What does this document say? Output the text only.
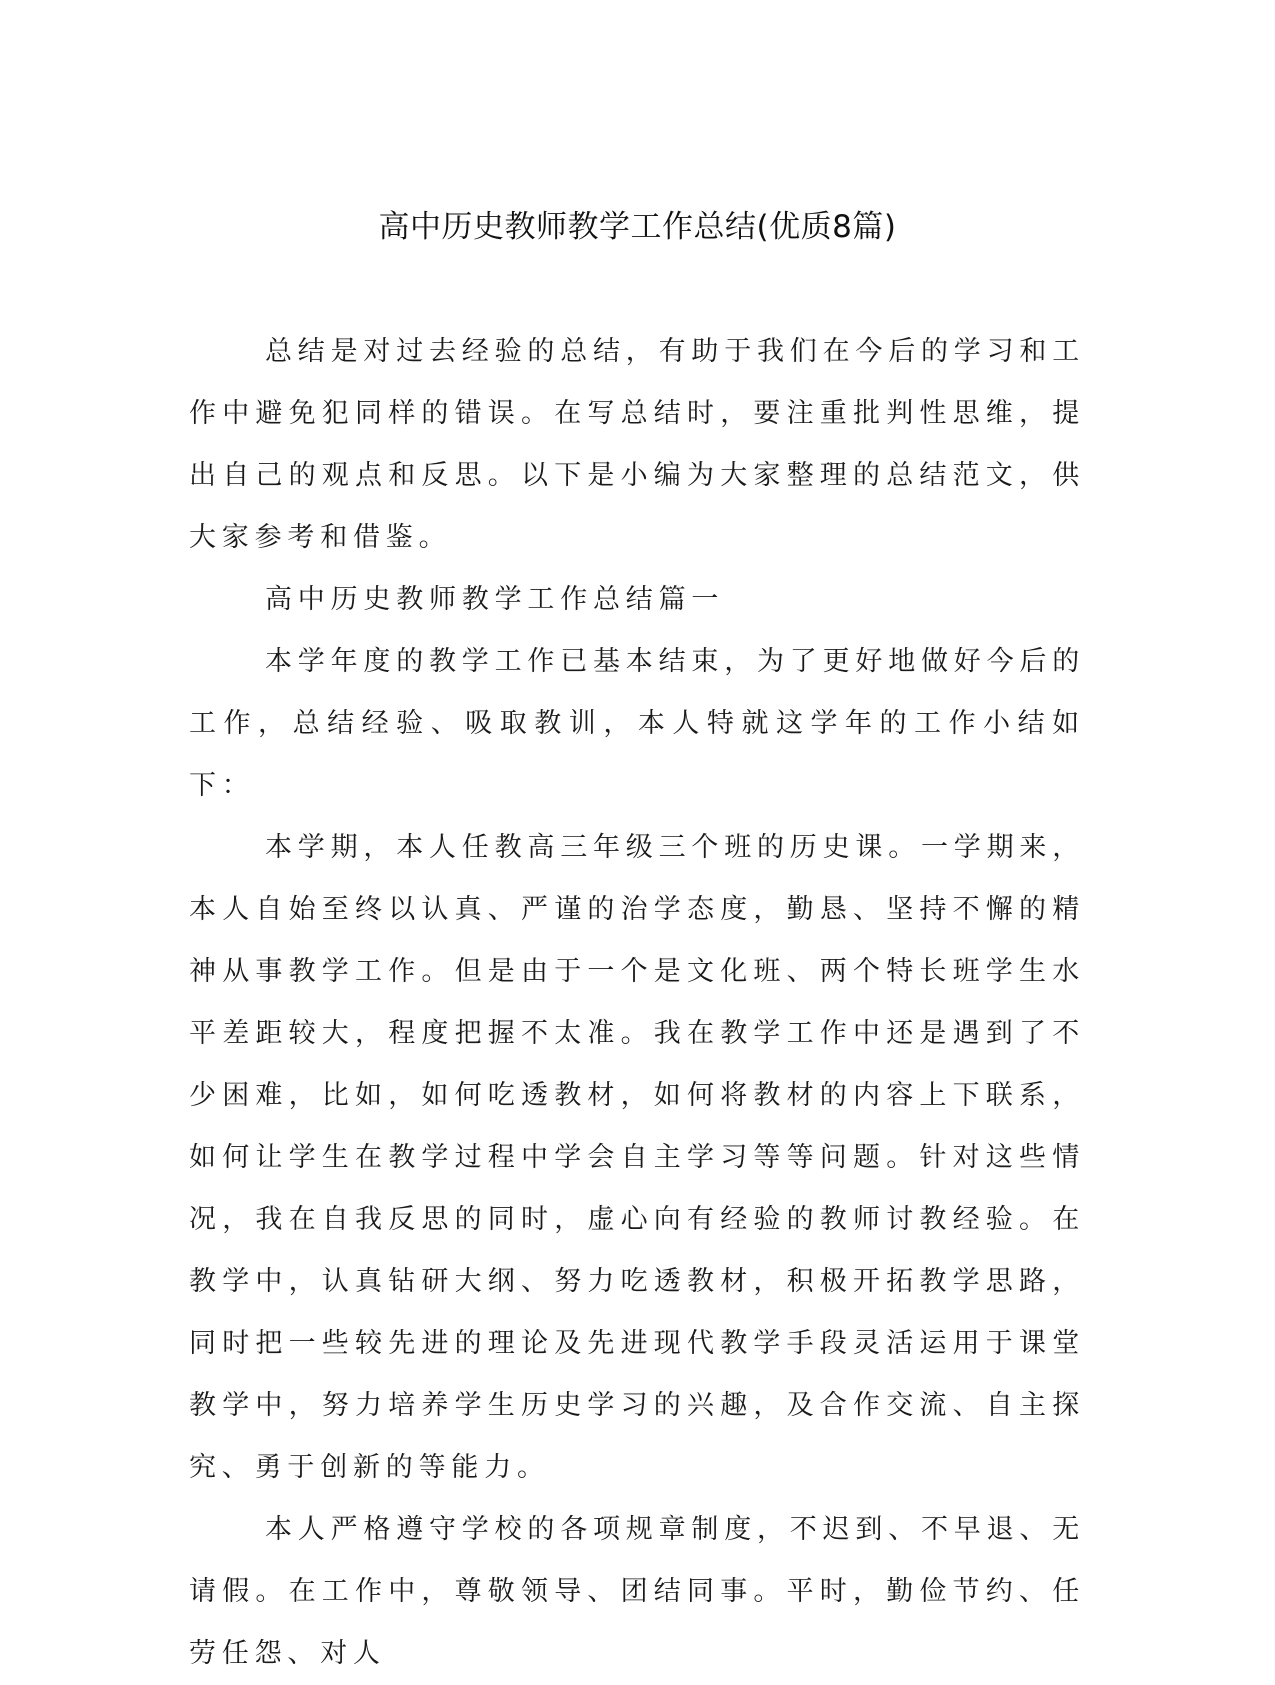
高中历史教师教学工作总结(优质8篇)

总结是对过去经验的总结，有助于我们在今后的学习和工作中避免犯同样的错误。在写总结时，要注重批判性思维，提出自己的观点和反思。以下是小编为大家整理的总结范文，供大家参考和借鉴。

高中历史教师教学工作总结篇一

本学年度的教学工作已基本结束，为了更好地做好今后的工作，总结经验、吸取教训，本人特就这学年的工作小结如下：

本学期，本人任教高三年级三个班的历史课。一学期来，本人自始至终以认真、严谨的治学态度，勤恳、坚持不懈的精神从事教学工作。但是由于一个是文化班、两个特长班学生水平差距较大，程度把握不太准。我在教学工作中还是遇到了不少困难，比如，如何吃透教材，如何将教材的内容上下联系，如何让学生在教学过程中学会自主学习等等问题。针对这些情况，我在自我反思的同时，虚心向有经验的教师讨教经验。在教学中，认真钻研大纲、努力吃透教材，积极开拓教学思路，同时把一些较先进的理论及先进现代教学手段灵活运用于课堂教学中，努力培养学生历史学习的兴趣，及合作交流、自主探究、勇于创新的等能力。

本人严格遵守学校的各项规章制度，不迟到、不早退、无请假。在工作中，尊敬领导、团结同事。平时，勤俭节约、任劳任怨、对人
